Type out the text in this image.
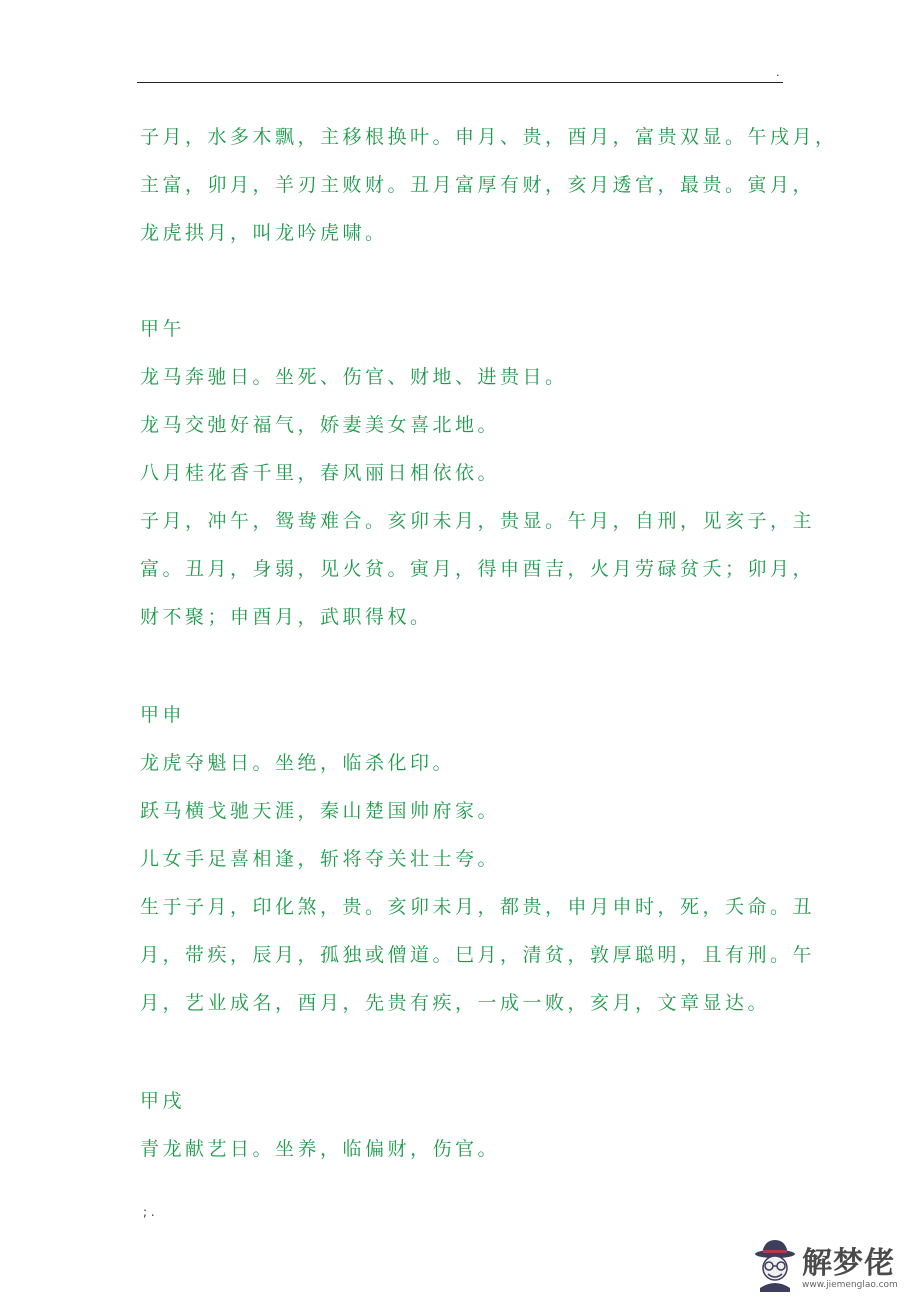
.
子月，水多木飘，主移根换叶。申月、贵，酉月，富贵双显。午戌月，
主富，卯月，羊刃主败财。丑月富厚有财，亥月透官，最贵。寅月，
龙虎拱月，叫龙吟虎啸。
甲午
龙马奔驰日。坐死、伤官、财地、进贵日。
龙马交弛好福气，娇妻美女喜北地。
八月桂花香千里，春风丽日相依依。
子月，冲午，鸳鸯难合。亥卯未月，贵显。午月，自刑，见亥子，主
富。丑月，身弱，见火贫。寅月，得申酉吉，火月劳碌贫夭；卯月，
财不聚；申酉月，武职得权。
甲申
龙虎夺魁日。坐绝，临杀化印。
跃马横戈驰天涯，秦山楚国帅府家。
儿女手足喜相逢，斩将夺关壮士夸。
生于子月，印化煞，贵。亥卯未月，都贵，申月申时，死，夭命。丑
月，带疾，辰月，孤独或僧道。巳月，清贫，敦厚聪明，且有刑。午
月，艺业成名，酉月，先贵有疾，一成一败，亥月，文章显达。
甲戌
青龙献艺日。坐养，临偏财，伤官。
; .
解梦佬
www.jiemenglao.com
